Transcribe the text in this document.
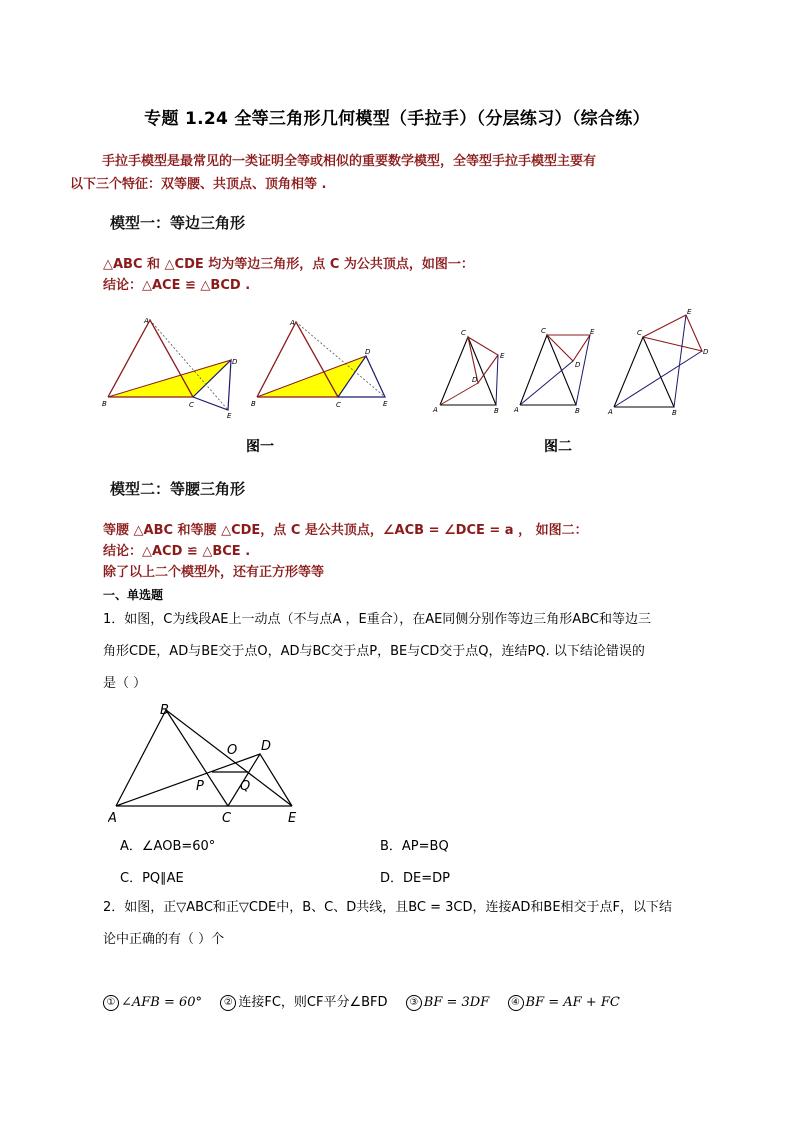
专题 1.24 全等三角形几何模型（手拉手）（分层练习）（综合练）
手拉手模型是最常见的一类证明全等或相似的重要数学模型，全等型手拉手模型主要有
以下三个特征：双等腰、共顶点、顶角相等 .
模型一：等边三角形
△ABC 和 △CDE 均为等边三角形，点 C 为公共顶点，如图一：
结论：△ACE ≌ △BCD .
A
B	C
D
E
A
B	C
D
E
C
E
D
A	B
C	E
D
A	B
C
E
D
A	B
图一	图二
模型二：等腰三角形
等腰 △ABC 和等腰 △CDE，点 C 是公共顶点，∠ACB = ∠DCE = a ， 如图二：
结论：△ACD ≌ △BCE .
除了以上二个模型外，还有正方形等等
一、单选题
1．如图，C为线段AE上一动点（不与点A ，E重合），在AE同侧分别作等边三角形ABC和等边三
角形CDE，AD与BE交于点O，AD与BC交于点P，BE与CD交于点Q，连结PQ. 以下结论错误的
是（ ）
B
O D
P	Q
A	C	E
A．∠AOB=60°	B．AP=BQ
C．PQ∥AE	D．DE=DP
2．如图，正▽ABC和正▽CDE中，B、C、D共线，且BC = 3CD，连接AD和BE相交于点F，以下结
论中正确的有（ ）个
① ∠AFB = 60° ② 连接FC，则CF平分∠BFD ③ BF = 3DF ④ BF = AF + FC
